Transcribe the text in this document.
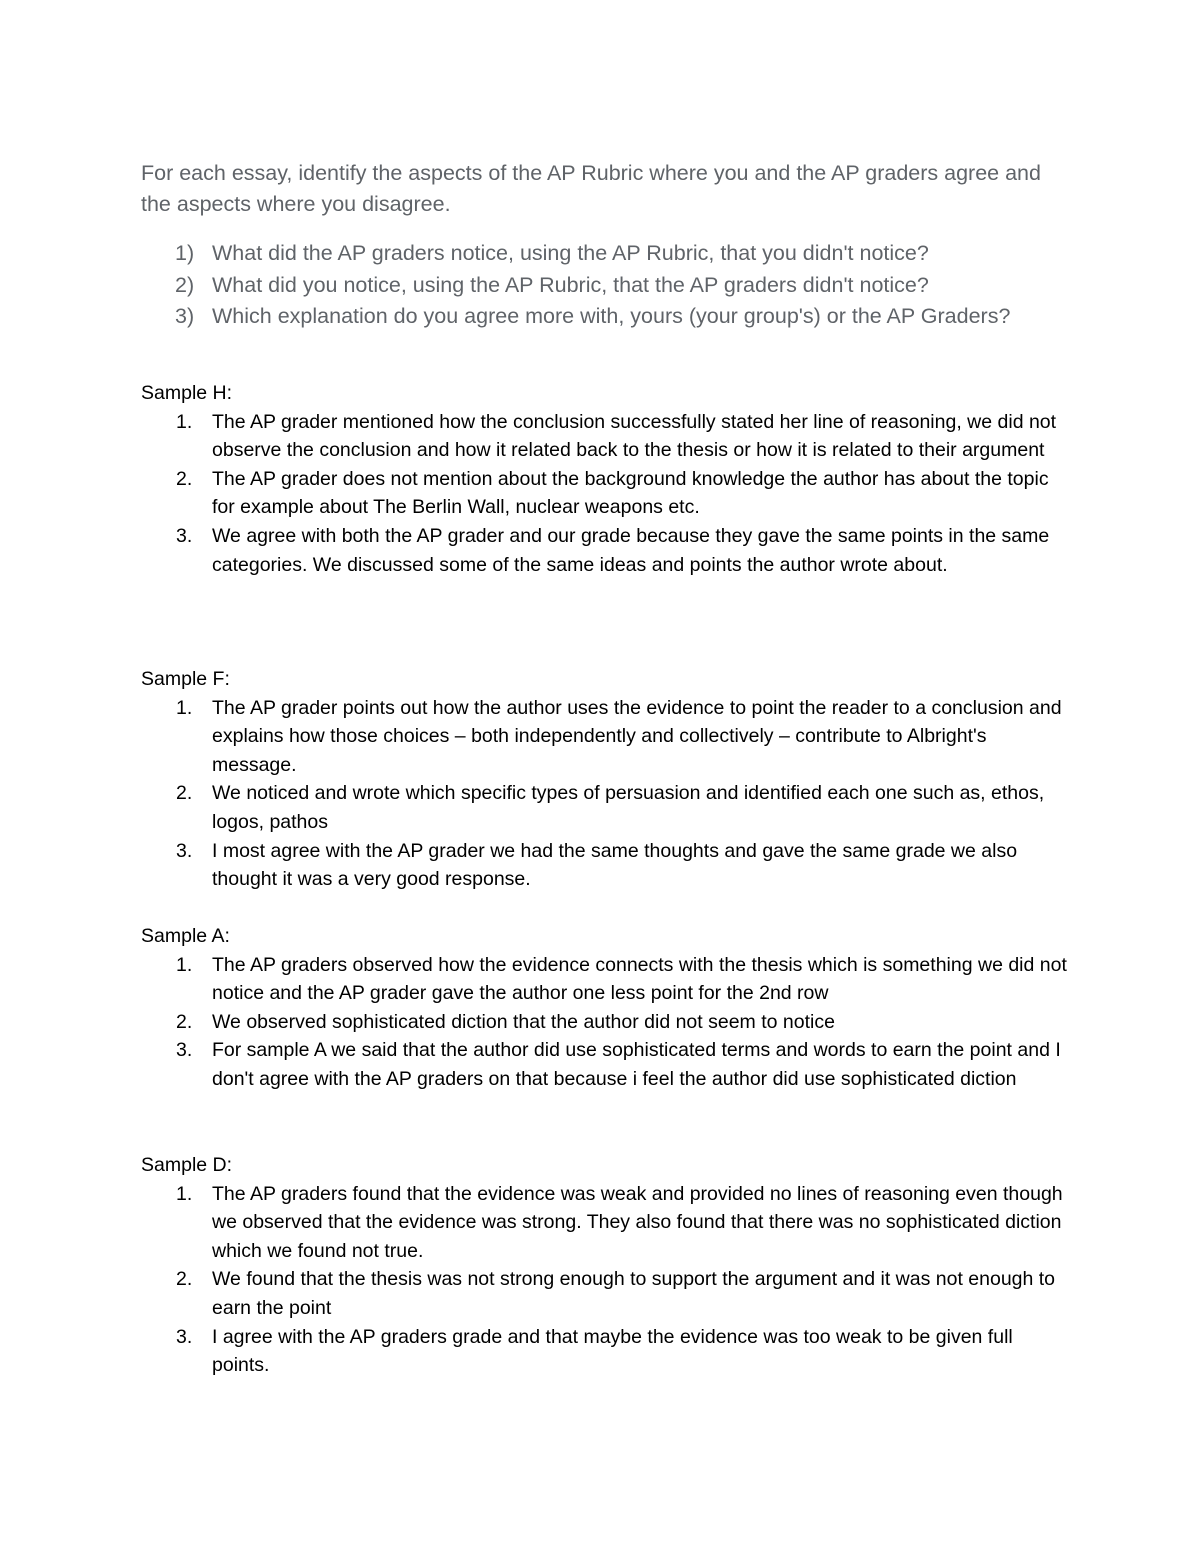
For each essay, identify the aspects of the AP Rubric where you and the AP graders agree and the aspects where you disagree.

1) What did the AP graders notice, using the AP Rubric, that you didn't notice?
2) What did you notice, using the AP Rubric, that the AP graders didn't notice?
3) Which explanation do you agree more with, yours (your group's) or the AP Graders?

Sample H:

1. The AP grader mentioned how the conclusion successfully stated her line of reasoning, we did not observe the conclusion and how it related back to the thesis or how it is related to their argument
2. The AP grader does not mention about the background knowledge the author has about the topic for example about The Berlin Wall, nuclear weapons etc.
3. We agree with both the AP grader and our grade because they gave the same points in the same categories. We discussed some of the same ideas and points the author wrote about.

Sample F:

1. The AP grader points out how the author uses the evidence to point the reader to a conclusion and explains how those choices – both independently and collectively – contribute to Albright's message.
2. We noticed and wrote which specific types of persuasion and identified each one such as, ethos, logos, pathos
3. I most agree with the AP grader we had the same thoughts and gave the same grade we also thought it was a very good response.

Sample A:

1. The AP graders observed how the evidence connects with the thesis which is something we did not notice and the AP grader gave the author one less point for the 2nd row
2. We observed sophisticated diction that the author did not seem to notice
3. For sample A we said that the author did use sophisticated terms and words to earn the point and I don't agree with the AP graders on that because i feel the author did use sophisticated diction

Sample D:

1. The AP graders found that the evidence was weak and provided no lines of reasoning even though we observed that the evidence was strong. They also found that there was no sophisticated diction which we found not true.
2. We found that the thesis was not strong enough to support the argument and it was not enough to earn the point
3. I agree with the AP graders grade and that maybe the evidence was too weak to be given full points.
